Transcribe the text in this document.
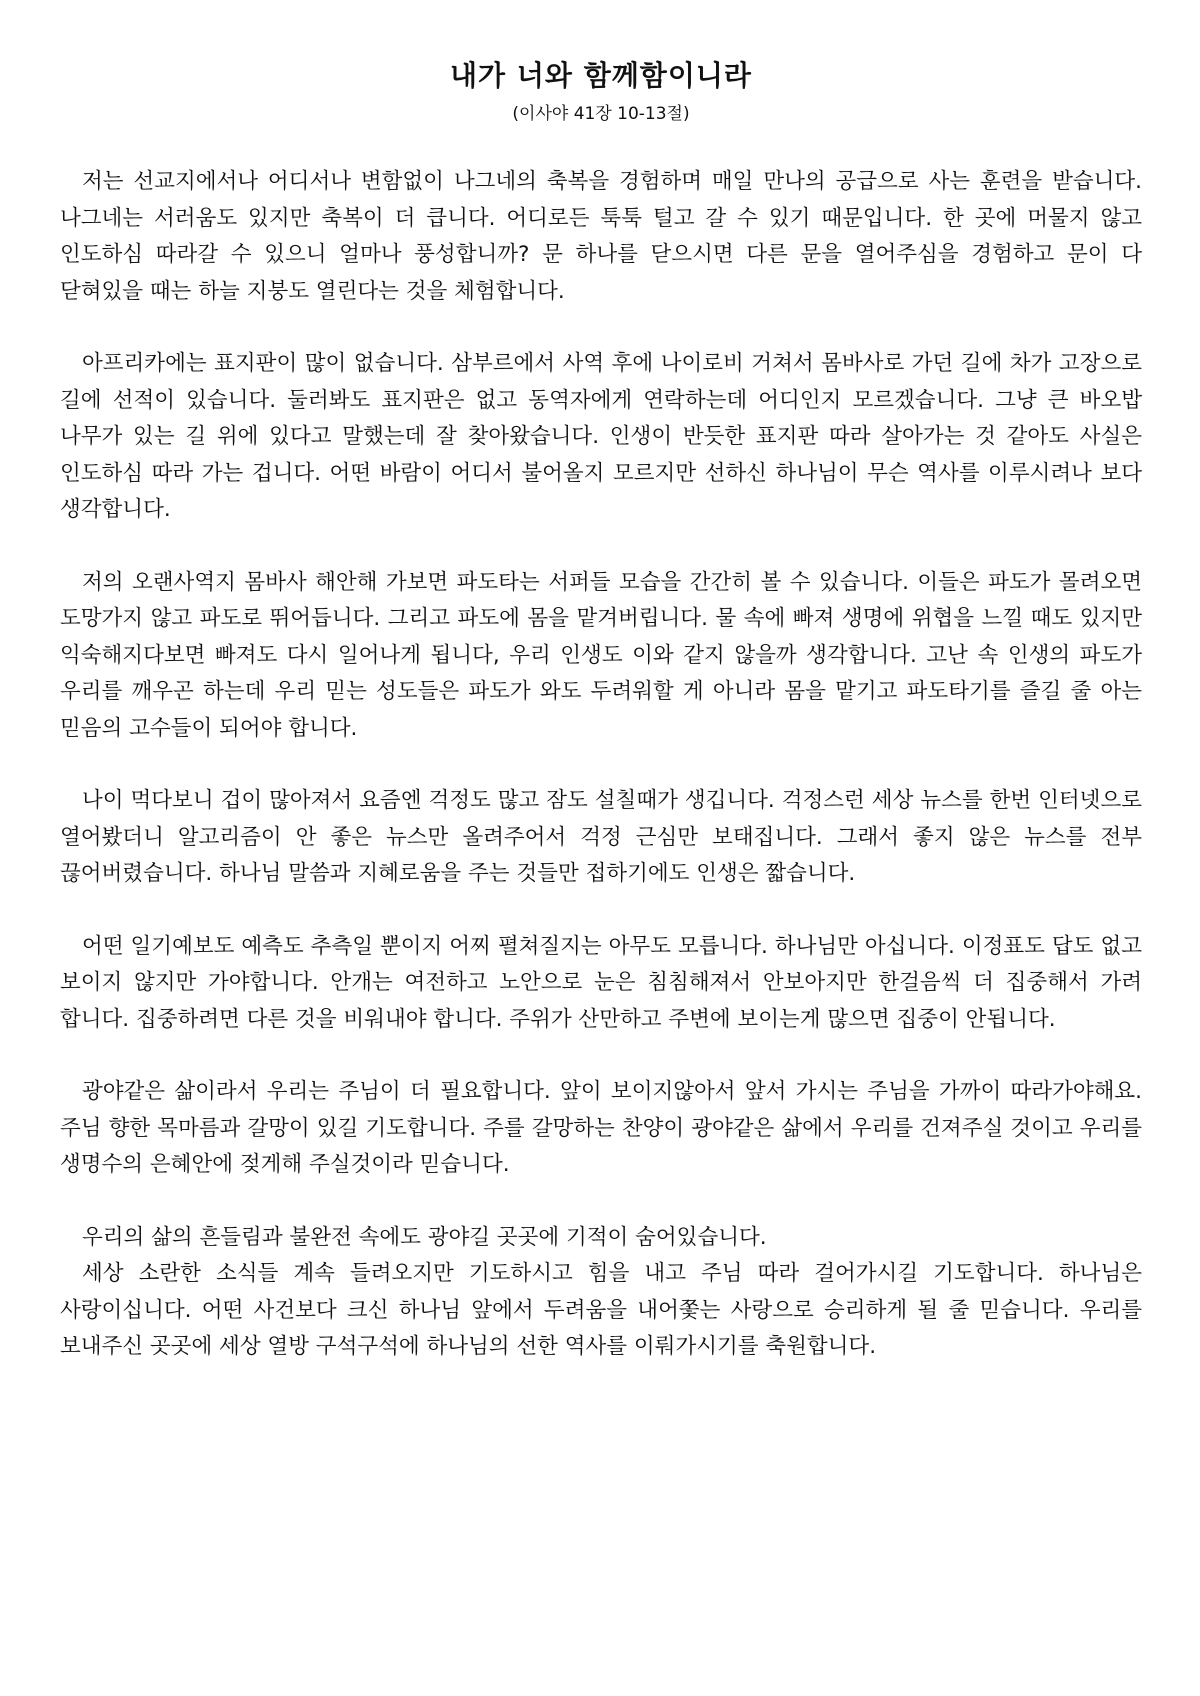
내가 너와 함께함이니라
(이사야 41장 10-13절)

저는 선교지에서나 어디서나 변함없이 나그네의 축복을 경험하며 매일 만나의 공급으로 사는 훈련을 받습니다. 나그네는 서러움도 있지만 축복이 더 큽니다. 어디로든 툭툭 털고 갈 수 있기 때문입니다. 한 곳에 머물지 않고 인도하심 따라갈 수 있으니 얼마나 풍성합니까? 문 하나를 닫으시면 다른 문을 열어주심을 경험하고 문이 다 닫혀있을 때는 하늘 지붕도 열린다는 것을 체험합니다.

아프리카에는 표지판이 많이 없습니다. 삼부르에서 사역 후에 나이로비 거쳐서 몸바사로 가던 길에 차가 고장으로 길에 선적이 있습니다. 둘러봐도 표지판은 없고 동역자에게 연락하는데 어디인지 모르겠습니다. 그냥 큰 바오밥 나무가 있는 길 위에 있다고 말했는데 잘 찾아왔습니다. 인생이 반듯한 표지판 따라 살아가는 것 같아도 사실은 인도하심 따라 가는 겁니다. 어떤 바람이 어디서 불어올지 모르지만 선하신 하나님이 무슨 역사를 이루시려나 보다 생각합니다.

저의 오랜사역지 몸바사 해안해 가보면 파도타는 서퍼들 모습을 간간히 볼 수 있습니다. 이들은 파도가 몰려오면 도망가지 않고 파도로 뛰어듭니다. 그리고 파도에 몸을 맡겨버립니다. 물 속에 빠져 생명에 위협을 느낄 때도 있지만 익숙해지다보면 빠져도 다시 일어나게 됩니다, 우리 인생도 이와 같지 않을까 생각합니다. 고난 속 인생의 파도가 우리를 깨우곤 하는데 우리 믿는 성도들은 파도가 와도 두려워할 게 아니라 몸을 맡기고 파도타기를 즐길 줄 아는 믿음의 고수들이 되어야 합니다.

나이 먹다보니 겁이 많아져서 요즘엔 걱정도 많고 잠도 설칠때가 생깁니다. 걱정스런 세상 뉴스를 한번 인터넷으로 열어봤더니 알고리즘이 안 좋은 뉴스만 올려주어서 걱정 근심만 보태집니다. 그래서 좋지 않은 뉴스를 전부 끊어버렸습니다. 하나님 말씀과 지혜로움을 주는 것들만 접하기에도 인생은 짧습니다.

어떤 일기예보도 예측도 추측일 뿐이지 어찌 펼쳐질지는 아무도 모릅니다. 하나님만 아십니다. 이정표도 답도 없고 보이지 않지만 가야합니다. 안개는 여전하고 노안으로 눈은 침침해져서 안보아지만 한걸음씩 더 집중해서 가려 합니다. 집중하려면 다른 것을 비워내야 합니다. 주위가 산만하고 주변에 보이는게 많으면 집중이 안됩니다.

광야같은 삶이라서 우리는 주님이 더 필요합니다. 앞이 보이지않아서 앞서 가시는 주님을 가까이 따라가야해요. 주님 향한 목마름과 갈망이 있길 기도합니다. 주를 갈망하는 찬양이 광야같은 삶에서 우리를 건져주실 것이고 우리를 생명수의 은혜안에 젖게해 주실것이라 믿습니다.

우리의 삶의 흔들림과 불완전 속에도 광야길 곳곳에 기적이 숨어있습니다.

세상 소란한 소식들 계속 들려오지만 기도하시고 힘을 내고 주님 따라 걸어가시길 기도합니다. 하나님은 사랑이십니다. 어떤 사건보다 크신 하나님 앞에서 두려움을 내어쫓는 사랑으로 승리하게 될 줄 믿습니다. 우리를 보내주신 곳곳에 세상 열방 구석구석에 하나님의 선한 역사를 이뤄가시기를 축원합니다.
